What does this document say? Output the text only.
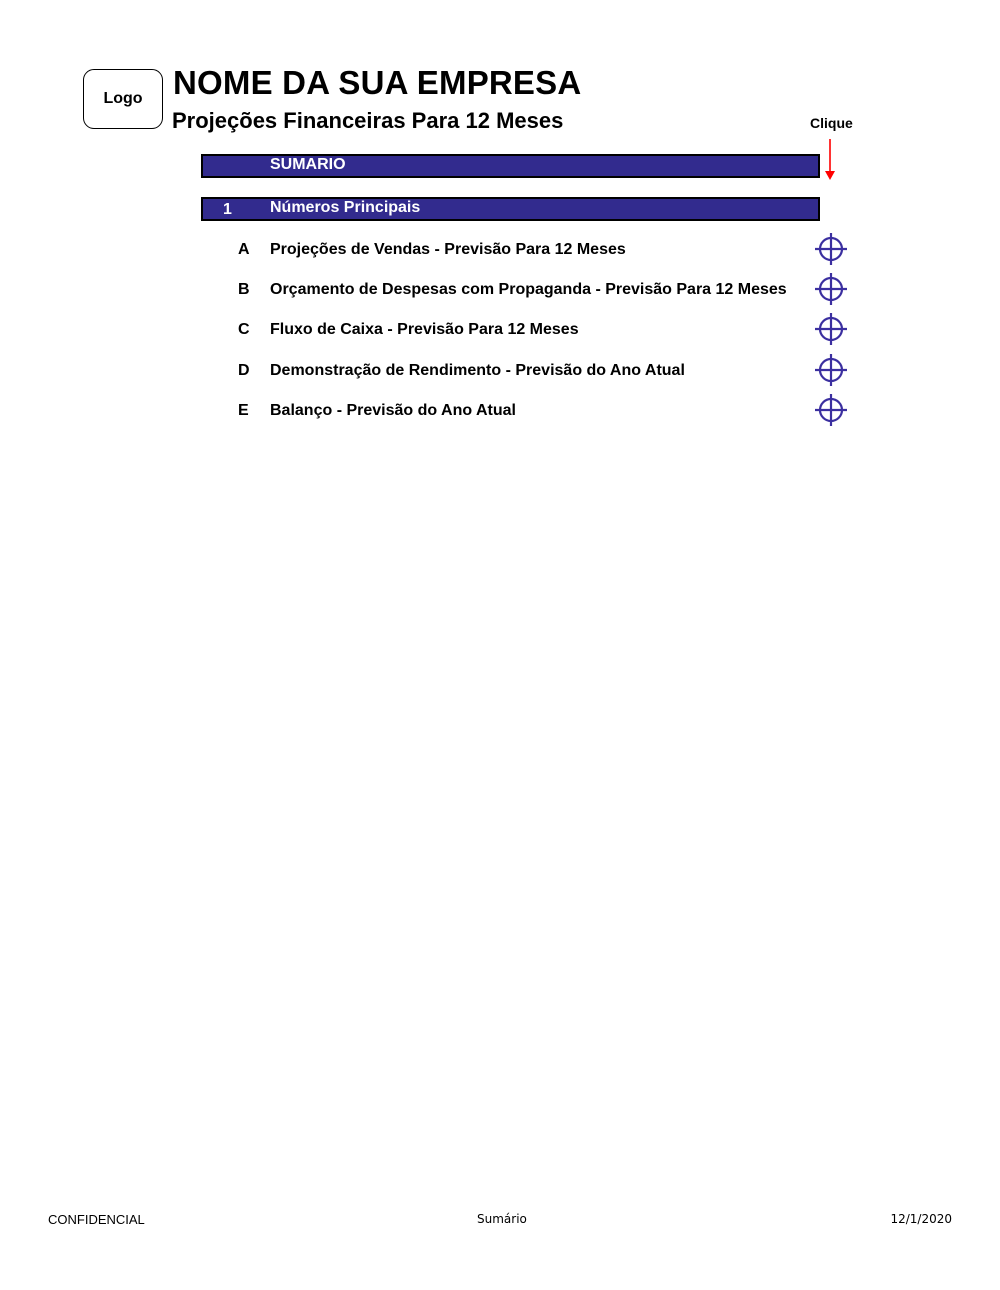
Logo NOME DA SUA EMPRESA
Projeções Financeiras Para 12 Meses	Clique
SUMARIO
1 Números Principais
A Projeções de Vendas - Previsão Para 12 Meses
B Orçamento de Despesas com Propaganda - Previsão Para 12 Meses
C Fluxo de Caixa - Previsão Para 12 Meses
D Demonstração de Rendimento - Previsão do Ano Atual
E Balanço - Previsão do Ano Atual
CONFIDENCIAL	Sumário	12/1/2020
